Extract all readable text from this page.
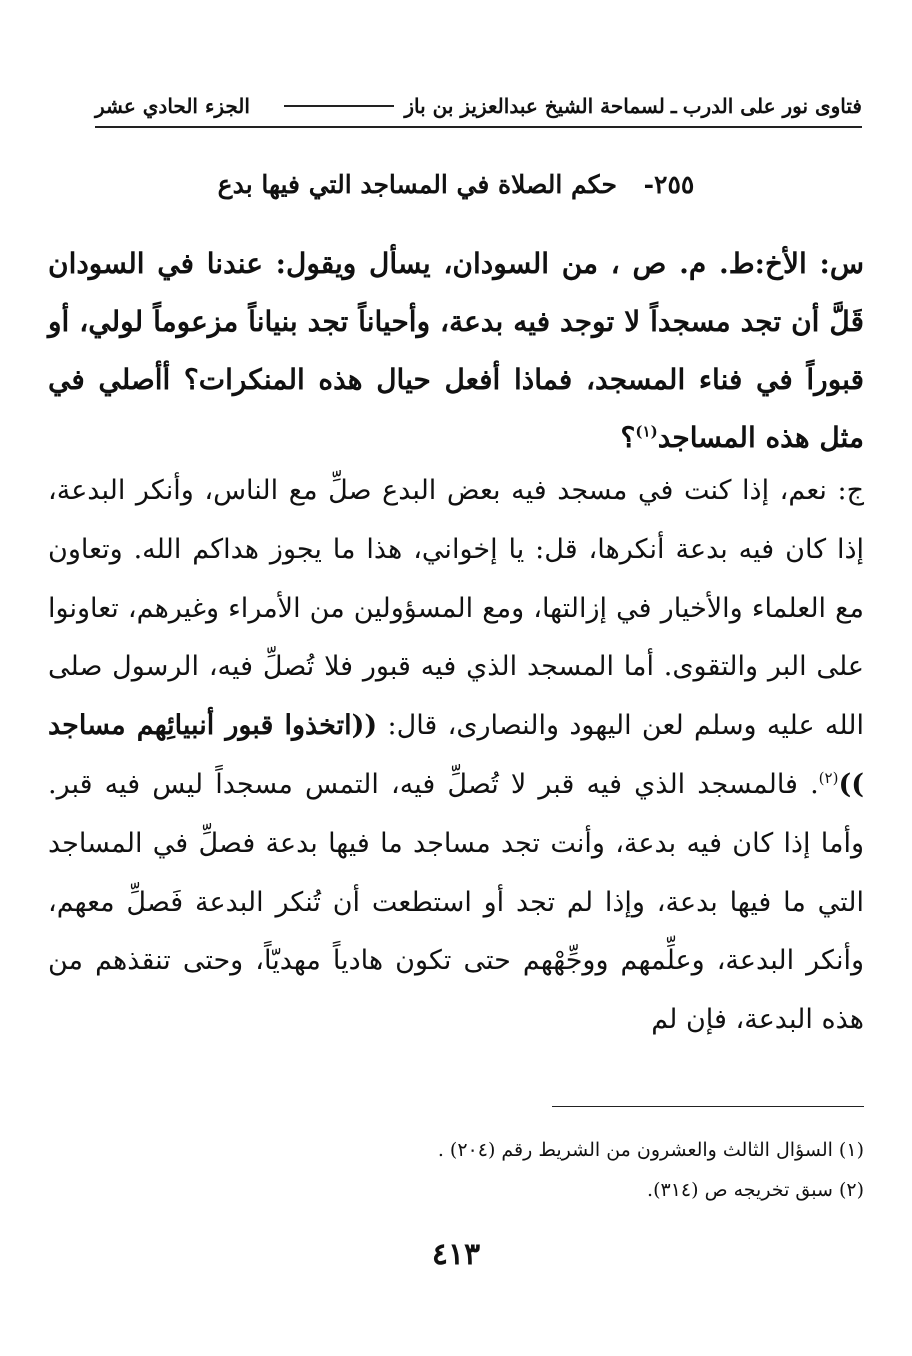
فتاوى نور على الدرب
ـ
لسماحة الشيخ عبدالعزيز بن باز
الجزء الحادي عشر
٢٥٥- حكم الصلاة في المساجد التي فيها بدع
س: الأخ:ط. م. ص ، من السودان، يسأل ويقول: عندنا في السودان قَلَّ أن تجد مسجداً لا توجد فيه بدعة، وأحياناً تجد بنياناً مزعوماً لولي، أو قبوراً في فناء المسجد، فماذا أفعل حيال هذه المنكرات؟ أأصلي في مثل هذه المساجد$^{(١)}$؟
ج: نعم، إذا كنت في مسجد فيه بعض البدع صلِّ مع الناس، وأنكر البدعة، إذا كان فيه بدعة أنكرها، قل: يا إخواني، هذا ما يجوز هداكم الله. وتعاون مع العلماء والأخيار في إزالتها، ومع المسؤولين من الأمراء وغيرهم، تعاونوا على البر والتقوى. أما المسجد الذي فيه قبور فلا تُصلِّ فيه، الرسول صلى الله عليه وسلم لعن اليهود والنصارى، قال: ((اتخذوا قبور أنبيائِهم مساجد ))$^{(٢)}$. فالمسجد الذي فيه قبر لا تُصلِّ فيه، التمس مسجداً ليس فيه قبر. وأما إذا كان فيه بدعة، وأنت تجد مساجد ما فيها بدعة فصلِّ في المساجد التي ما فيها بدعة، وإذا لم تجد أو استطعت أن تُنكر البدعة فَصلِّ معهم، وأنكر البدعة، وعلِّمهم ووجِّهْهم حتى تكون هادياً مهديّاً، وحتى تنقذهم من هذه البدعة، فإن لم
(١) السؤال الثالث والعشرون من الشريط رقم (٢٠٤) .
(٢) سبق تخريجه ص (٣١٤).
٤١٣
